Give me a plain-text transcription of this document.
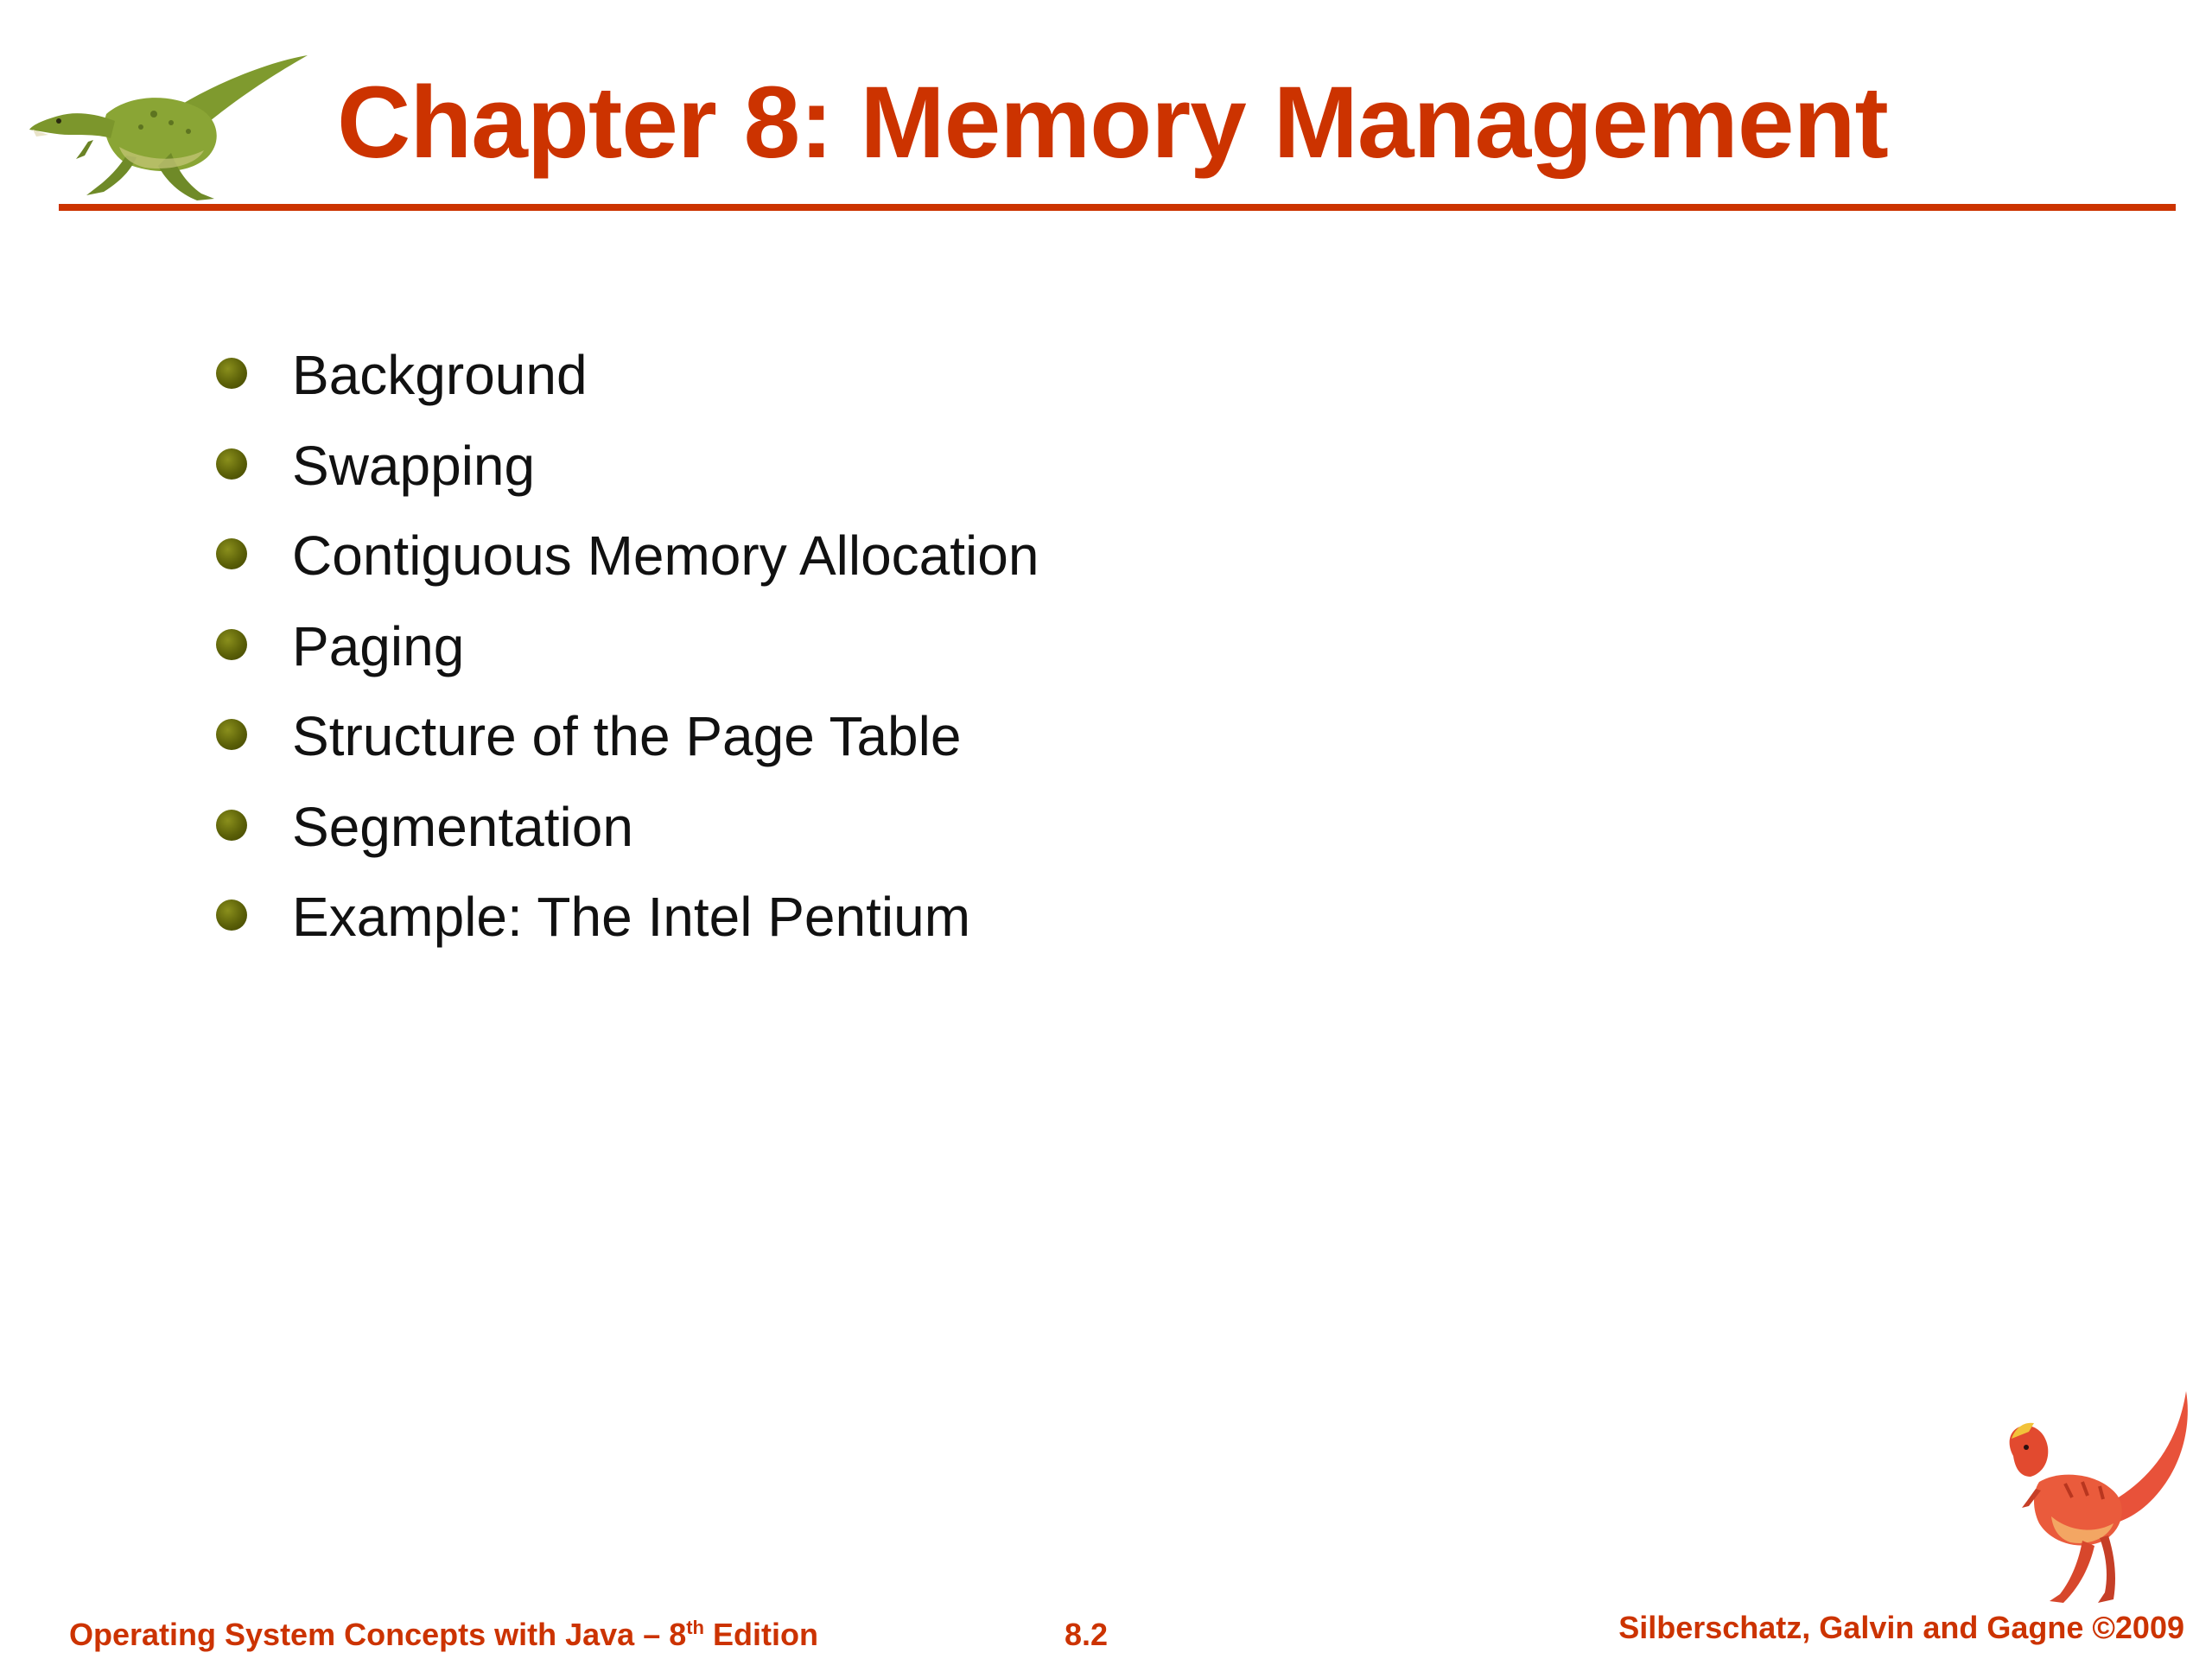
Chapter 8: Memory Management
Background
Swapping
Contiguous Memory Allocation
Paging
Structure of the Page Table
Segmentation
Example: The Intel Pentium
Operating System Concepts with Java – 8th Edition	8.2	Silberschatz, Galvin and Gagne ©2009
